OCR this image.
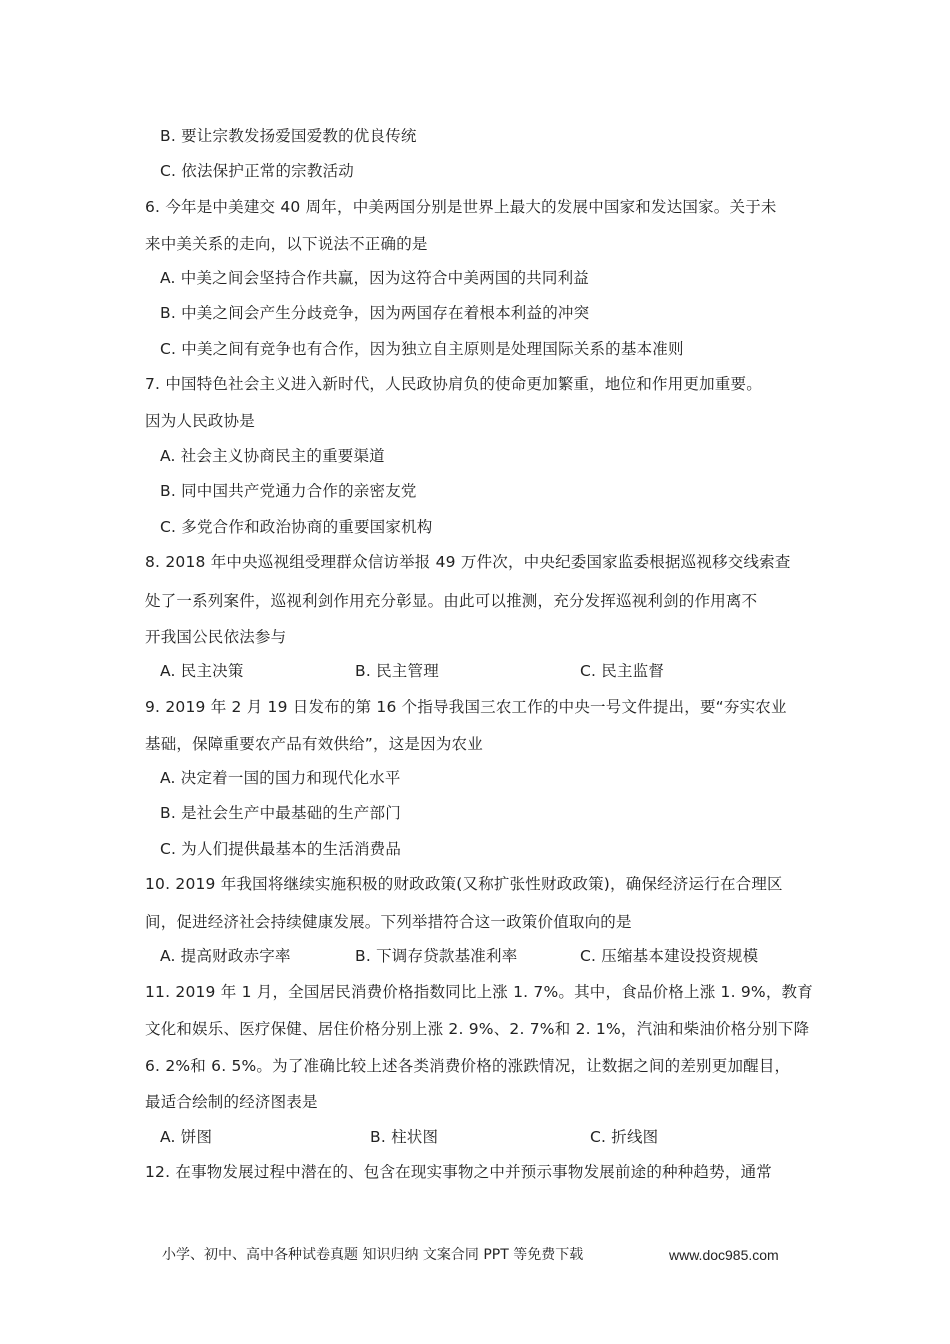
B. 要让宗教发扬爱国爱教的优良传统
C. 依法保护正常的宗教活动
6. 今年是中美建交 40 周年，中美两国分别是世界上最大的发展中国家和发达国家。关于未
来中美关系的走向，以下说法不正确的是
A. 中美之间会坚持合作共赢，因为这符合中美两国的共同利益
B. 中美之间会产生分歧竞争，因为两国存在着根本利益的冲突
C. 中美之间有竞争也有合作，因为独立自主原则是处理国际关系的基本准则
7. 中国特色社会主义进入新时代，人民政协肩负的使命更加繁重，地位和作用更加重要。
因为人民政协是
A. 社会主义协商民主的重要渠道
B. 同中国共产党通力合作的亲密友党
C. 多党合作和政治协商的重要国家机构
8. 2018 年中央巡视组受理群众信访举报 49 万件次，中央纪委国家监委根据巡视移交线索查
处了一系列案件，巡视利剑作用充分彰显。由此可以推测，充分发挥巡视利剑的作用离不
开我国公民依法参与
A. 民主决策	B. 民主管理	C. 民主监督
9. 2019 年 2 月 19 日发布的第 16 个指导我国三农工作的中央一号文件提出，要“夯实农业
基础，保障重要农产品有效供给”，这是因为农业
A. 决定着一国的国力和现代化水平
B. 是社会生产中最基础的生产部门
C. 为人们提供最基本的生活消费品
10. 2019 年我国将继续实施积极的财政政策(又称扩张性财政政策)，确保经济运行在合理区
间，促进经济社会持续健康发展。下列举措符合这一政策价值取向的是
A. 提高财政赤字率	B. 下调存贷款基准利率	C. 压缩基本建设投资规模
11. 2019 年 1 月，全国居民消费价格指数同比上涨 1. 7%。其中，食品价格上涨 1. 9%，教育
文化和娱乐、医疗保健、居住价格分别上涨 2. 9%、2. 7%和 2. 1%，汽油和柴油价格分别下降
6. 2%和 6. 5%。为了准确比较上述各类消费价格的涨跌情况，让数据之间的差别更加醒目，
最适合绘制的经济图表是
A. 饼图	B. 柱状图	C. 折线图
12. 在事物发展过程中潜在的、包含在现实事物之中并预示事物发展前途的种种趋势，通常
小学、初中、高中各种试卷真题 知识归纳 文案合同 PPT 等免费下载	www.doc985.com
